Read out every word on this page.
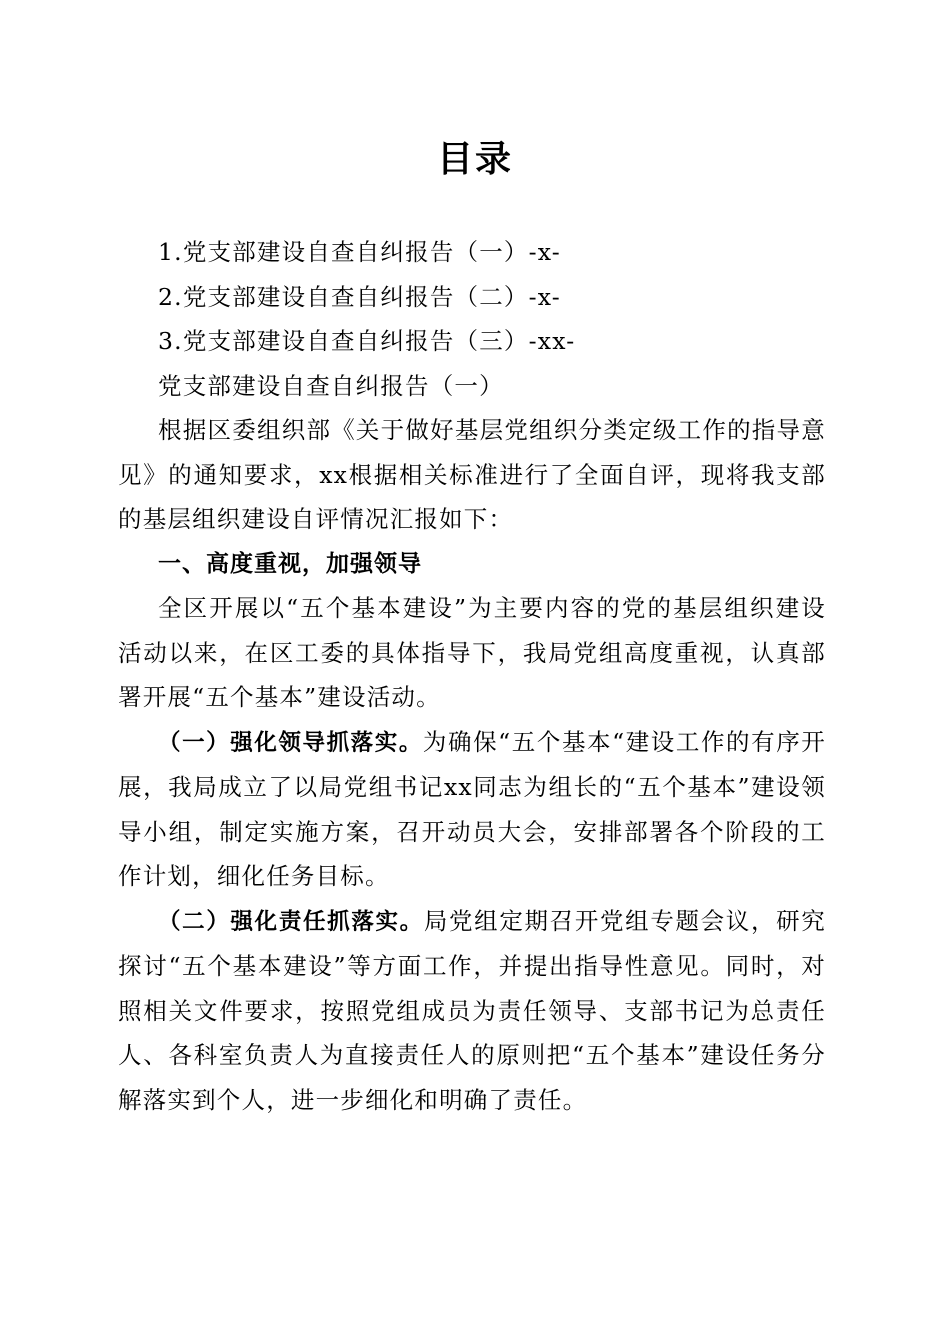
目录

1.党支部建设自查自纠报告（一）-x-

2.党支部建设自查自纠报告（二）-x-

3.党支部建设自查自纠报告（三）-xx-

党支部建设自查自纠报告（一）

根据区委组织部《关于做好基层党组织分类定级工作的指导意见》的通知要求，xx根据相关标准进行了全面自评，现将我支部的基层组织建设自评情况汇报如下：

一、高度重视，加强领导

全区开展以“五个基本建设”为主要内容的党的基层组织建设活动以来，在区工委的具体指导下，我局党组高度重视，认真部署开展“五个基本”建设活动。

（一）强化领导抓落实。为确保“五个基本“建设工作的有序开展，我局成立了以局党组书记xx同志为组长的“五个基本”建设领导小组，制定实施方案，召开动员大会，安排部署各个阶段的工作计划，细化任务目标。

（二）强化责任抓落实。局党组定期召开党组专题会议，研究探讨“五个基本建设”等方面工作，并提出指导性意见。同时，对照相关文件要求，按照党组成员为责任领导、支部书记为总责任人、各科室负责人为直接责任人的原则把“五个基本”建设任务分解落实到个人，进一步细化和明确了责任。
